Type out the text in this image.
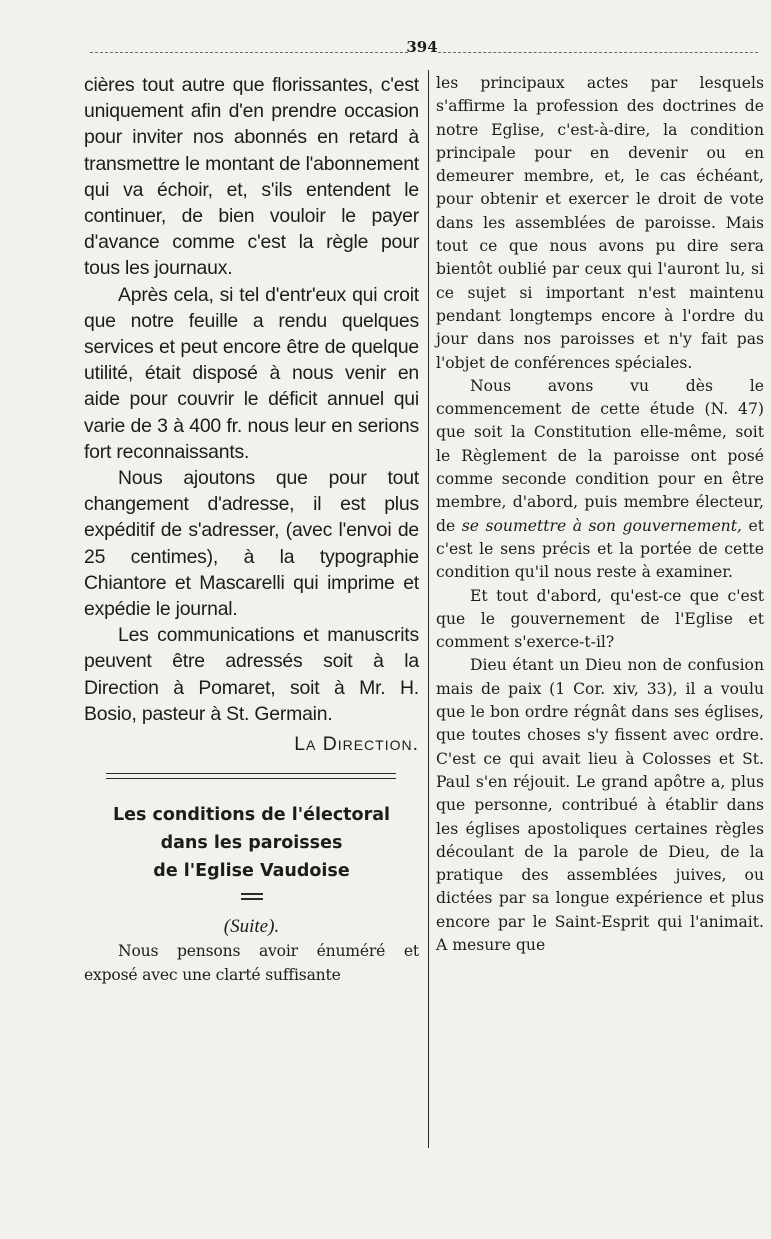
394

cières tout autre que florissantes, c'est uniquement afin d'en prendre occasion pour inviter nos abonnés en retard à transmettre le montant de l'abonnement qui va échoir, et, s'ils entendent le continuer, de bien vouloir le payer d'avance comme c'est la règle pour tous les journaux.

Après cela, si tel d'entr'eux qui croit que notre feuille a rendu quelques services et peut encore être de quelque utilité, était disposé à nous venir en aide pour couvrir le déficit annuel qui varie de 3 à 400 fr. nous leur en serions fort reconnaissants.

Nous ajoutons que pour tout changement d'adresse, il est plus expéditif de s'adresser, (avec l'envoi de 25 centimes), à la typographie Chiantore et Mascarelli qui imprime et expédie le journal.

Les communications et manuscrits peuvent être adressés soit à la Direction à Pomaret, soit à Mr. H. Bosio, pasteur à St. Germain.

La Direction.

Les conditions de l'électoral
dans les paroisses
de l'Eglise Vaudoise
(Suite).

Nous pensons avoir énuméré et exposé avec une clarté suffisante

les principaux actes par lesquels s'affirme la profession des doctrines de notre Eglise, c'est-à-dire, la condition principale pour en devenir ou en demeurer membre, et, le cas échéant, pour obtenir et exercer le droit de vote dans les assemblées de paroisse. Mais tout ce que nous avons pu dire sera bientôt oublié par ceux qui l'auront lu, si ce sujet si important n'est maintenu pendant longtemps encore à l'ordre du jour dans nos paroisses et n'y fait pas l'objet de conférences spéciales.

Nous avons vu dès le commencement de cette étude (N. 47) que soit la Constitution elle-même, soit le Règlement de la paroisse ont posé comme seconde condition pour en être membre, d'abord, puis membre électeur, de se soumettre à son gouvernement, et c'est le sens précis et la portée de cette condition qu'il nous reste à examiner.

Et tout d'abord, qu'est-ce que c'est que le gouvernement de l'Eglise et comment s'exerce-t-il?

Dieu étant un Dieu non de confusion mais de paix (1 Cor. xiv, 33), il a voulu que le bon ordre régnât dans ses églises, que toutes choses s'y fissent avec ordre. C'est ce qui avait lieu à Colosses et St. Paul s'en réjouit. Le grand apôtre a, plus que personne, contribué à établir dans les églises apostoliques certaines règles découlant de la parole de Dieu, de la pratique des assemblées juives, ou dictées par sa longue expérience et plus encore par le Saint-Esprit qui l'animait. A mesure que
